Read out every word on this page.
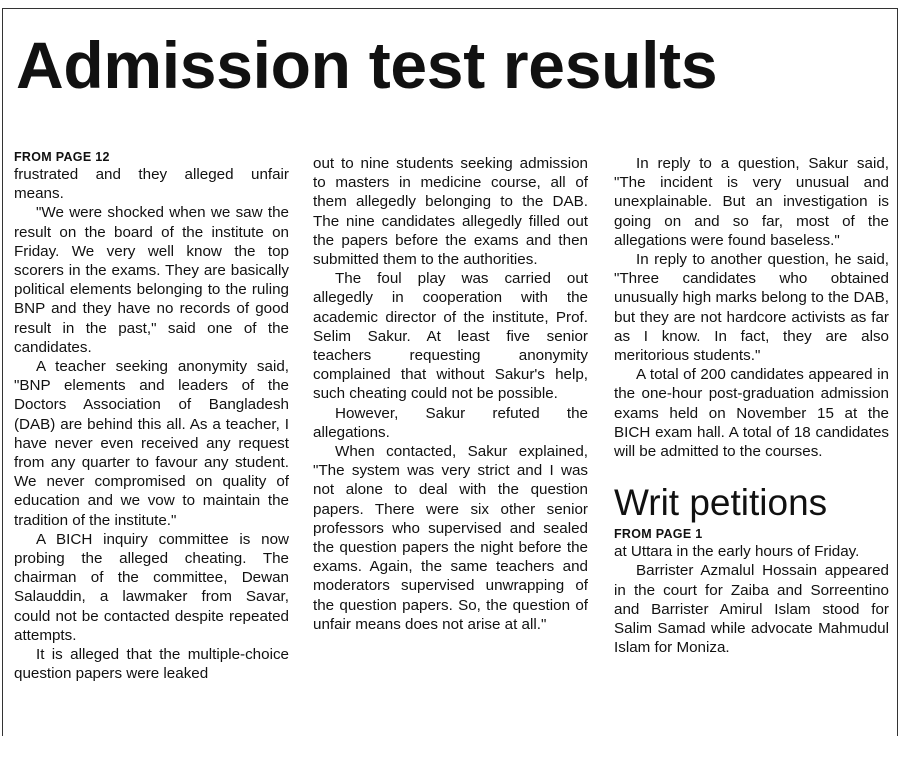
Admission test results
FROM PAGE 12

frustrated and they alleged unfair means.

"We were shocked when we saw the result on the board of the institute on Friday. We very well know the top scorers in the exams. They are basically political elements belonging to the ruling BNP and they have no records of good result in the past," said one of the candidates.

A teacher seeking anonymity said, "BNP elements and leaders of the Doctors Association of Bangladesh (DAB) are behind this all. As a teacher, I have never even received any request from any quarter to favour any student. We never compromised on quality of education and we vow to maintain the tradition of the institute."

A BICH inquiry committee is now probing the alleged cheating. The chairman of the committee, Dewan Salauddin, a lawmaker from Savar, could not be contacted despite repeated attempts.

It is alleged that the multiple-choice question papers were leaked

out to nine students seeking admission to masters in medicine course, all of them allegedly belonging to the DAB. The nine candidates allegedly filled out the papers before the exams and then submitted them to the authorities.

The foul play was carried out allegedly in cooperation with the academic director of the institute, Prof. Selim Sakur. At least five senior teachers requesting anonymity complained that without Sakur's help, such cheating could not be possible.

However, Sakur refuted the allegations.

When contacted, Sakur explained, "The system was very strict and I was not alone to deal with the question papers. There were six other senior professors who supervised and sealed the question papers the night before the exams. Again, the same teachers and moderators supervised unwrapping of the question papers. So, the question of unfair means does not arise at all."

In reply to a question, Sakur said, "The incident is very unusual and unexplainable. But an investigation is going on and so far, most of the allegations were found baseless."

In reply to another question, he said, "Three candidates who obtained unusually high marks belong to the DAB, but they are not hardcore activists as far as I know. In fact, they are also meritorious students."

A total of 200 candidates appeared in the one-hour post-graduation admission exams held on November 15 at the BICH exam hall. A total of 18 candidates will be admitted to the courses.

Writ petitions
FROM PAGE 1

at Uttara in the early hours of Friday.

Barrister Azmalul Hossain appeared in the court for Zaiba and Sorreentino and Barrister Amirul Islam stood for Salim Samad while advocate Mahmudul Islam for Moniza.
